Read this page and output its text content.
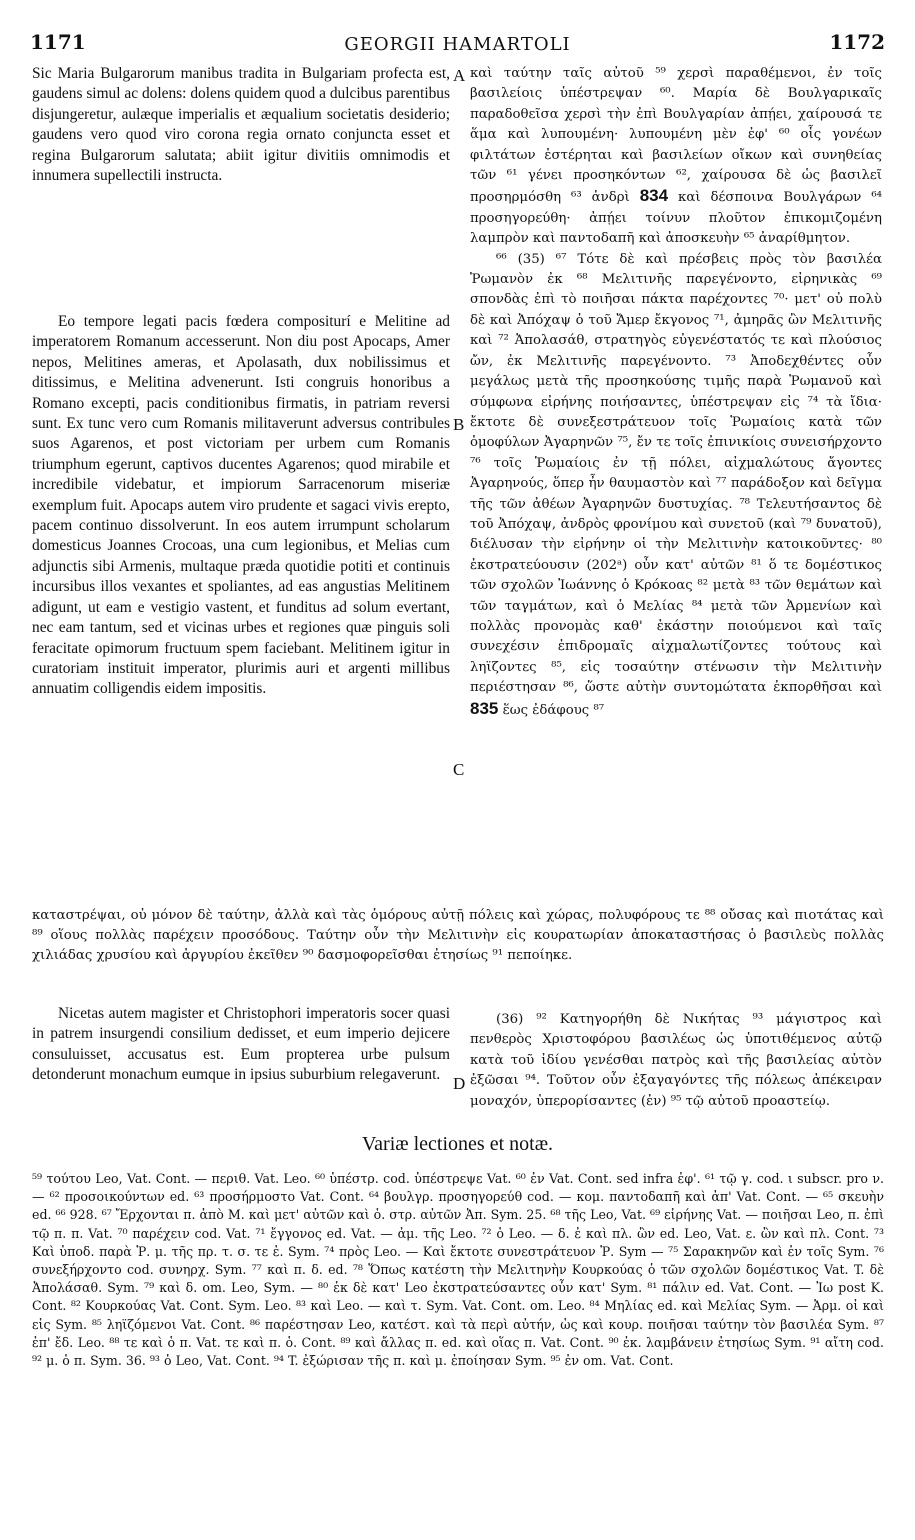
1171	GEORGII HAMARTOLI	1172

Sic Maria Bulgarorum manibus tradita in Bulgariam profecta est, gaudens simul ac dolens: dolens quidem quod a dulcibus parentibus disjungeretur, aulæque imperialis et æqualium societatis desiderio; gaudens vero quod viro corona regia ornato conjuncta esset et regina Bulgarorum salutata; abiit igitur divitiis omnimodis et innumera supellectili instructa.

Eo tempore legati pacis fœdera compositurí e Melitine ad imperatorem Romanum accesserunt. Non diu post Apocaps, Amer nepos, Melitines ameras, et Apolasath, dux nobilissimus et ditissimus, e Melitina advenerunt. Isti congruis honoribus a Romano excepti, pacis conditionibus firmatis, in patriam reversi sunt. Ex tunc vero cum Romanis militaverunt adversus contribules suos Agarenos, et post victoriam per urbem cum Romanis triumphum egerunt, captivos ducentes Agarenos; quod mirabile et incredibile videbatur, et impiorum Sarracenorum miseriæ exemplum fuit. Apocaps autem viro prudente et sagaci vivis erepto, pacem continuo dissolverunt. In eos autem irrumpunt scholarum domesticus Joannes Crocoas, una cum legionibus, et Melias cum adjunctis sibi Armenis, multaque præda quotidie potiti et continuis incursibus illos vexantes et spoliantes, ad eas angustias Melitinem adigunt, ut eam e vestigio vastent, et funditus ad solum evertant, nec eam tantum, sed et vicinas urbes et regiones quæ pinguis soli feracitate opimorum fructuum spem faciebant. Melitinem igitur in curatoriam instituit imperator, plurimis auri et argenti millibus annuatim colligendis eidem impositis.

Nicetas autem magister et Christophori imperatoris socer quasi in patrem insurgendi consilium dedisset, et eum imperio dejicere consuluisset, accusatus est. Eum propterea urbe pulsum detonderunt monachum eumque in ipsius suburbium relegaverunt.

A
B
C
D

καὶ ταύτην ταῖς αὐτοῦ ⁵⁹ χερσὶ παραθέμενοι, ἐν τοῖς βασιλείοις ὑπέστρεψαν ⁶⁰. Μαρία δὲ Βουλγαρικαῖς παραδοθεῖσα χερσὶ τὴν ἐπὶ Βουλγαρίαν ἀπῄει, χαίρουσά τε ἅμα καὶ λυπουμένη· λυπουμένη μὲν ἐφ' ⁶⁰ οἷς γονέων φιλτάτων ἐστέρηται καὶ βασιλείων οἴκων καὶ συνηθείας τῶν ⁶¹ γένει προσηκόντων ⁶², χαίρουσα δὲ ὡς βασιλεῖ προσηρμόσθη ⁶³ ἀνδρὶ 834 καὶ δέσποινα Βουλγάρων ⁶⁴ προσηγορεύθη· ἀπῄει τοίνυν πλοῦτον ἐπικομιζομένη λαμπρὸν καὶ παντοδαπῆ καὶ ἀποσκευὴν ⁶⁵ ἀναρίθμητον.

⁶⁶ (35) ⁶⁷ Τότε δὲ καὶ πρέσβεις πρὸς τὸν βασιλέα Ῥωμανὸν ἐκ ⁶⁸ Μελιτινῆς παρεγένοντο, εἰρηνικὰς ⁶⁹ σπονδὰς ἐπὶ τὸ ποιῆσαι πάκτα παρέχοντες ⁷⁰· μετ' οὐ πολὺ δὲ καὶ Ἀπόχαψ ὁ τοῦ Ἄμερ ἔκγονος ⁷¹, ἀμηρᾶς ὢν Μελιτινῆς καὶ ⁷² Ἀπολασάθ, στρατηγὸς εὐγενέστατός τε καὶ πλούσιος ὤν, ἐκ Μελιτινῆς παρεγένοντο. ⁷³ Ἀποδεχθέντες οὖν μεγάλως μετὰ τῆς προσηκούσης τιμῆς παρὰ Ῥωμανοῦ καὶ σύμφωνα εἰρήνης ποιήσαντες, ὑπέστρεψαν εἰς ⁷⁴ τὰ ἴδια· ἔκτοτε δὲ συνεξεστράτευον τοῖς Ῥωμαίοις κατὰ τῶν ὁμοφύλων Ἀγαρηνῶν ⁷⁵, ἔν τε τοῖς ἐπινικίοις συνεισήρχοντο ⁷⁶ τοῖς Ῥωμαίοις ἐν τῇ πόλει, αἰχμαλώτους ἄγοντες Ἀγαρηνούς, ὅπερ ἦν θαυμαστὸν καὶ ⁷⁷ παράδοξον καὶ δεῖγμα τῆς τῶν ἀθέων Ἀγαρηνῶν δυστυχίας. ⁷⁸ Τελευτήσαντος δὲ τοῦ Ἀπόχαψ, ἀνδρὸς φρονίμου καὶ συνετοῦ (καὶ ⁷⁹ δυνατοῦ), διέλυσαν τὴν εἰρήνην οἱ τὴν Μελιτινὴν κατοικοῦντες· ⁸⁰ ἐκστρατεύουσιν (202ᵃ) οὖν κατ' αὐτῶν ⁸¹ ὅ τε δομέστικος τῶν σχολῶν Ἰωάννης ὁ Κρόκοας ⁸² μετὰ ⁸³ τῶν θεμάτων καὶ τῶν ταγμάτων, καὶ ὁ Μελίας ⁸⁴ μετὰ τῶν Ἀρμενίων καὶ πολλὰς προνομὰς καθ' ἑκάστην ποιούμενοι καὶ ταῖς συνεχέσιν ἐπιδρομαῖς αἰχμαλωτίζοντες τούτους καὶ ληϊζοντες ⁸⁵, εἰς τοσαύτην στένωσιν τὴν Μελιτινὴν περιέστησαν ⁸⁶, ὥστε αὐτὴν συντομώτατα ἐκπορθῆσαι καὶ 835 ἕως ἐδάφους ⁸⁷

καταστρέψαι, οὐ μόνον δὲ ταύτην, ἀλλὰ καὶ τὰς ὁμόρους αὐτῇ πόλεις καὶ χώρας, πολυφόρους τε ⁸⁸ οὔσας καὶ πιοτάτας καὶ ⁸⁹ οἵους πολλὰς παρέχειν προσόδους. Ταύτην οὖν τὴν Μελιτινὴν εἰς κουρατωρίαν ἀποκαταστήσας ὁ βασιλεὺς πολλὰς χιλιάδας χρυσίου καὶ ἀργυρίου ἐκεῖθεν ⁹⁰ δασμοφορεῖσθαι ἐτησίως ⁹¹ πεποίηκε.

(36) ⁹² Κατηγορήθη δὲ Νικήτας ⁹³ μάγιστρος καὶ πενθερὸς Χριστοφόρου βασιλέως ὡς ὑποτιθέμενος αὐτῷ κατὰ τοῦ ἰδίου γενέσθαι πατρὸς καὶ τῆς βασιλείας αὐτὸν ἐξῶσαι ⁹⁴. Τοῦτον οὖν ἐξαγαγόντες τῆς πόλεως ἀπέκειραν μοναχόν, ὑπερορίσαντες (ἐν) ⁹⁵ τῷ αὐτοῦ προαστείῳ.

Variæ lectiones et notæ.

⁵⁹ τούτου Leo, Vat. Cont. — περιθ. Vat. Leo. ⁶⁰ ὑπέστρ. cod. ὑπέστρεψε Vat. ⁶⁰ ἐν Vat. Cont. sed infra ἐφ'. ⁶¹ τῷ γ. cod. ι subscr. pro ν. — ⁶² προσοικούντων ed. ⁶³ προσήρμοστο Vat. Cont. ⁶⁴ βουλγρ. προσηγορεύθ cod. — κομ. παντοδαπῆ καὶ ἀπ' Vat. Cont. — ⁶⁵ σκευὴν ed. ⁶⁶ 928. ⁶⁷ Ἔρχονται π. ἀπὸ Μ. καὶ μετ' αὐτῶν καὶ ὁ. στρ. αὐτῶν Ἀπ. Sym. 25. ⁶⁸ τῆς Leo, Vat. ⁶⁹ εἰρήνης Vat. — ποιῆσαι Leo, π. ἐπὶ τῷ π. π. Vat. ⁷⁰ παρέχειν cod. Vat. ⁷¹ ἔγγονος ed. Vat. — ἀμ. τῆς Leo. ⁷² ὁ Leo. — δ. ἐ καὶ πλ. ὢν ed. Leo, Vat. ε. ὢν καὶ πλ. Cont. ⁷³ Καὶ ὑποδ. παρὰ Ῥ. μ. τῆς πρ. τ. σ. τε ἐ. Sym. ⁷⁴ πρὸς Leo. — Καὶ ἔκτοτε συνεστράτευον Ῥ. Sym — ⁷⁵ Σαρακηνῶν καὶ ἐν τοῖς Sym. ⁷⁶ συνεξήρχοντο cod. συνηρχ. Sym. ⁷⁷ καὶ π. δ. ed. ⁷⁸ Ὅπως κατέστη τὴν Μελιτηνὴν Κουρκούας ὁ τῶν σχολῶν δομέστικος Vat. T. δὲ Ἀπολάσαθ. Sym. ⁷⁹ καὶ δ. om. Leo, Sym. — ⁸⁰ ἐκ δὲ κατ' Leo ἐκστρατεύσαντες οὖν κατ' Sym. ⁸¹ πάλιν ed. Vat. Cont. — Ἰω post K. Cont. ⁸² Κουρκούας Vat. Cont. Sym. Leo. ⁸³ καὶ Leo. — καὶ τ. Sym. Vat. Cont. om. Leo. ⁸⁴ Μηλίας ed. καὶ Μελίας Sym. — Ἀρμ. οἱ καὶ εἰς Sym. ⁸⁵ ληϊζόμενοι Vat. Cont. ⁸⁶ παρέστησαν Leo, κατέστ. καὶ τὰ περὶ αὐτήν, ὡς καὶ κουρ. ποιῆσαι ταύτην τὸν βασιλέα Sym. ⁸⁷ ἐπ' ἔδ. Leo. ⁸⁸ τε καὶ ὁ π. Vat. τε καὶ π. ὁ. Cont. ⁸⁹ καὶ ἄλλας π. ed. καὶ οἵας π. Vat. Cont. ⁹⁰ ἐκ. λαμβάνειν ἐτησίως Sym. ⁹¹ αἴτη cod. ⁹² μ. ὁ π. Sym. 36. ⁹³ ὁ Leo, Vat. Cont. ⁹⁴ T. ἐξώρισαν τῆς π. καὶ μ. ἐποίησαν Sym. ⁹⁵ ἐν om. Vat. Cont.
